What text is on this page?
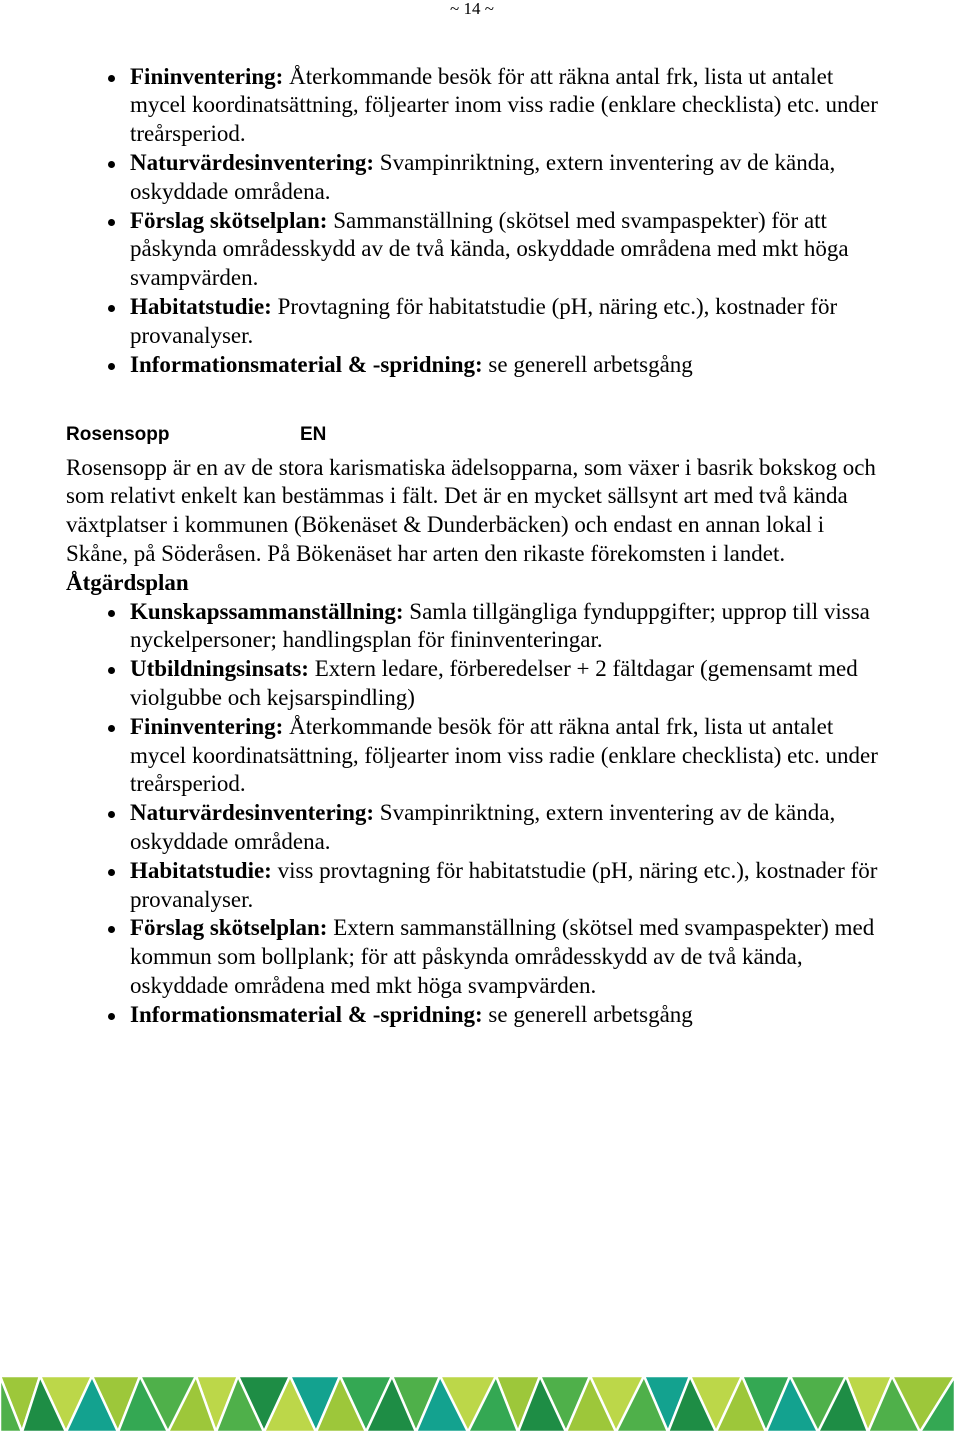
~ 14 ~
Fininventering: Återkommande besök för att räkna antal frk, lista ut antalet
mycel koordinatsättning, följearter inom viss radie (enklare checklista) etc. under
treårsperiod.
Naturvärdesinventering: Svampinriktning, extern inventering av de kända,
oskyddade områdena.
Förslag skötselplan: Sammanställning (skötsel med svampaspekter) för att
påskynda områdesskydd av de två kända, oskyddade områdena med mkt höga
svampvärden.
Habitatstudie: Provtagning för habitatstudie (pH, näring etc.), kostnader för
provanalyser.
Informationsmaterial & -spridning: se generell arbetsgång
Rosensopp	EN
Rosensopp är en av de stora karismatiska ädelsopparna, som växer i basrik bokskog och
som relativt enkelt kan bestämmas i fält. Det är en mycket sällsynt art med två kända
växtplatser i kommunen (Bökenäset & Dunderbäcken) och endast en annan lokal i
Skåne, på Söderåsen. På Bökenäset har arten den rikaste förekomsten i landet.
Åtgärdsplan
Kunskapssammanställning: Samla tillgängliga fynduppgifter; upprop till vissa
nyckelpersoner; handlingsplan för fininventeringar.
Utbildningsinsats: Extern ledare, förberedelser + 2 fältdagar (gemensamt med
violgubbe och kejsarspindling)
Fininventering: Återkommande besök för att räkna antal frk, lista ut antalet
mycel koordinatsättning, följearter inom viss radie (enklare checklista) etc. under
treårsperiod.
Naturvärdesinventering: Svampinriktning, extern inventering av de kända,
oskyddade områdena.
Habitatstudie: viss provtagning för habitatstudie (pH, näring etc.), kostnader för
provanalyser.
Förslag skötselplan: Extern sammanställning (skötsel med svampaspekter) med
kommun som bollplank; för att påskynda områdesskydd av de två kända,
oskyddade områdena med mkt höga svampvärden.
Informationsmaterial & -spridning: se generell arbetsgång
